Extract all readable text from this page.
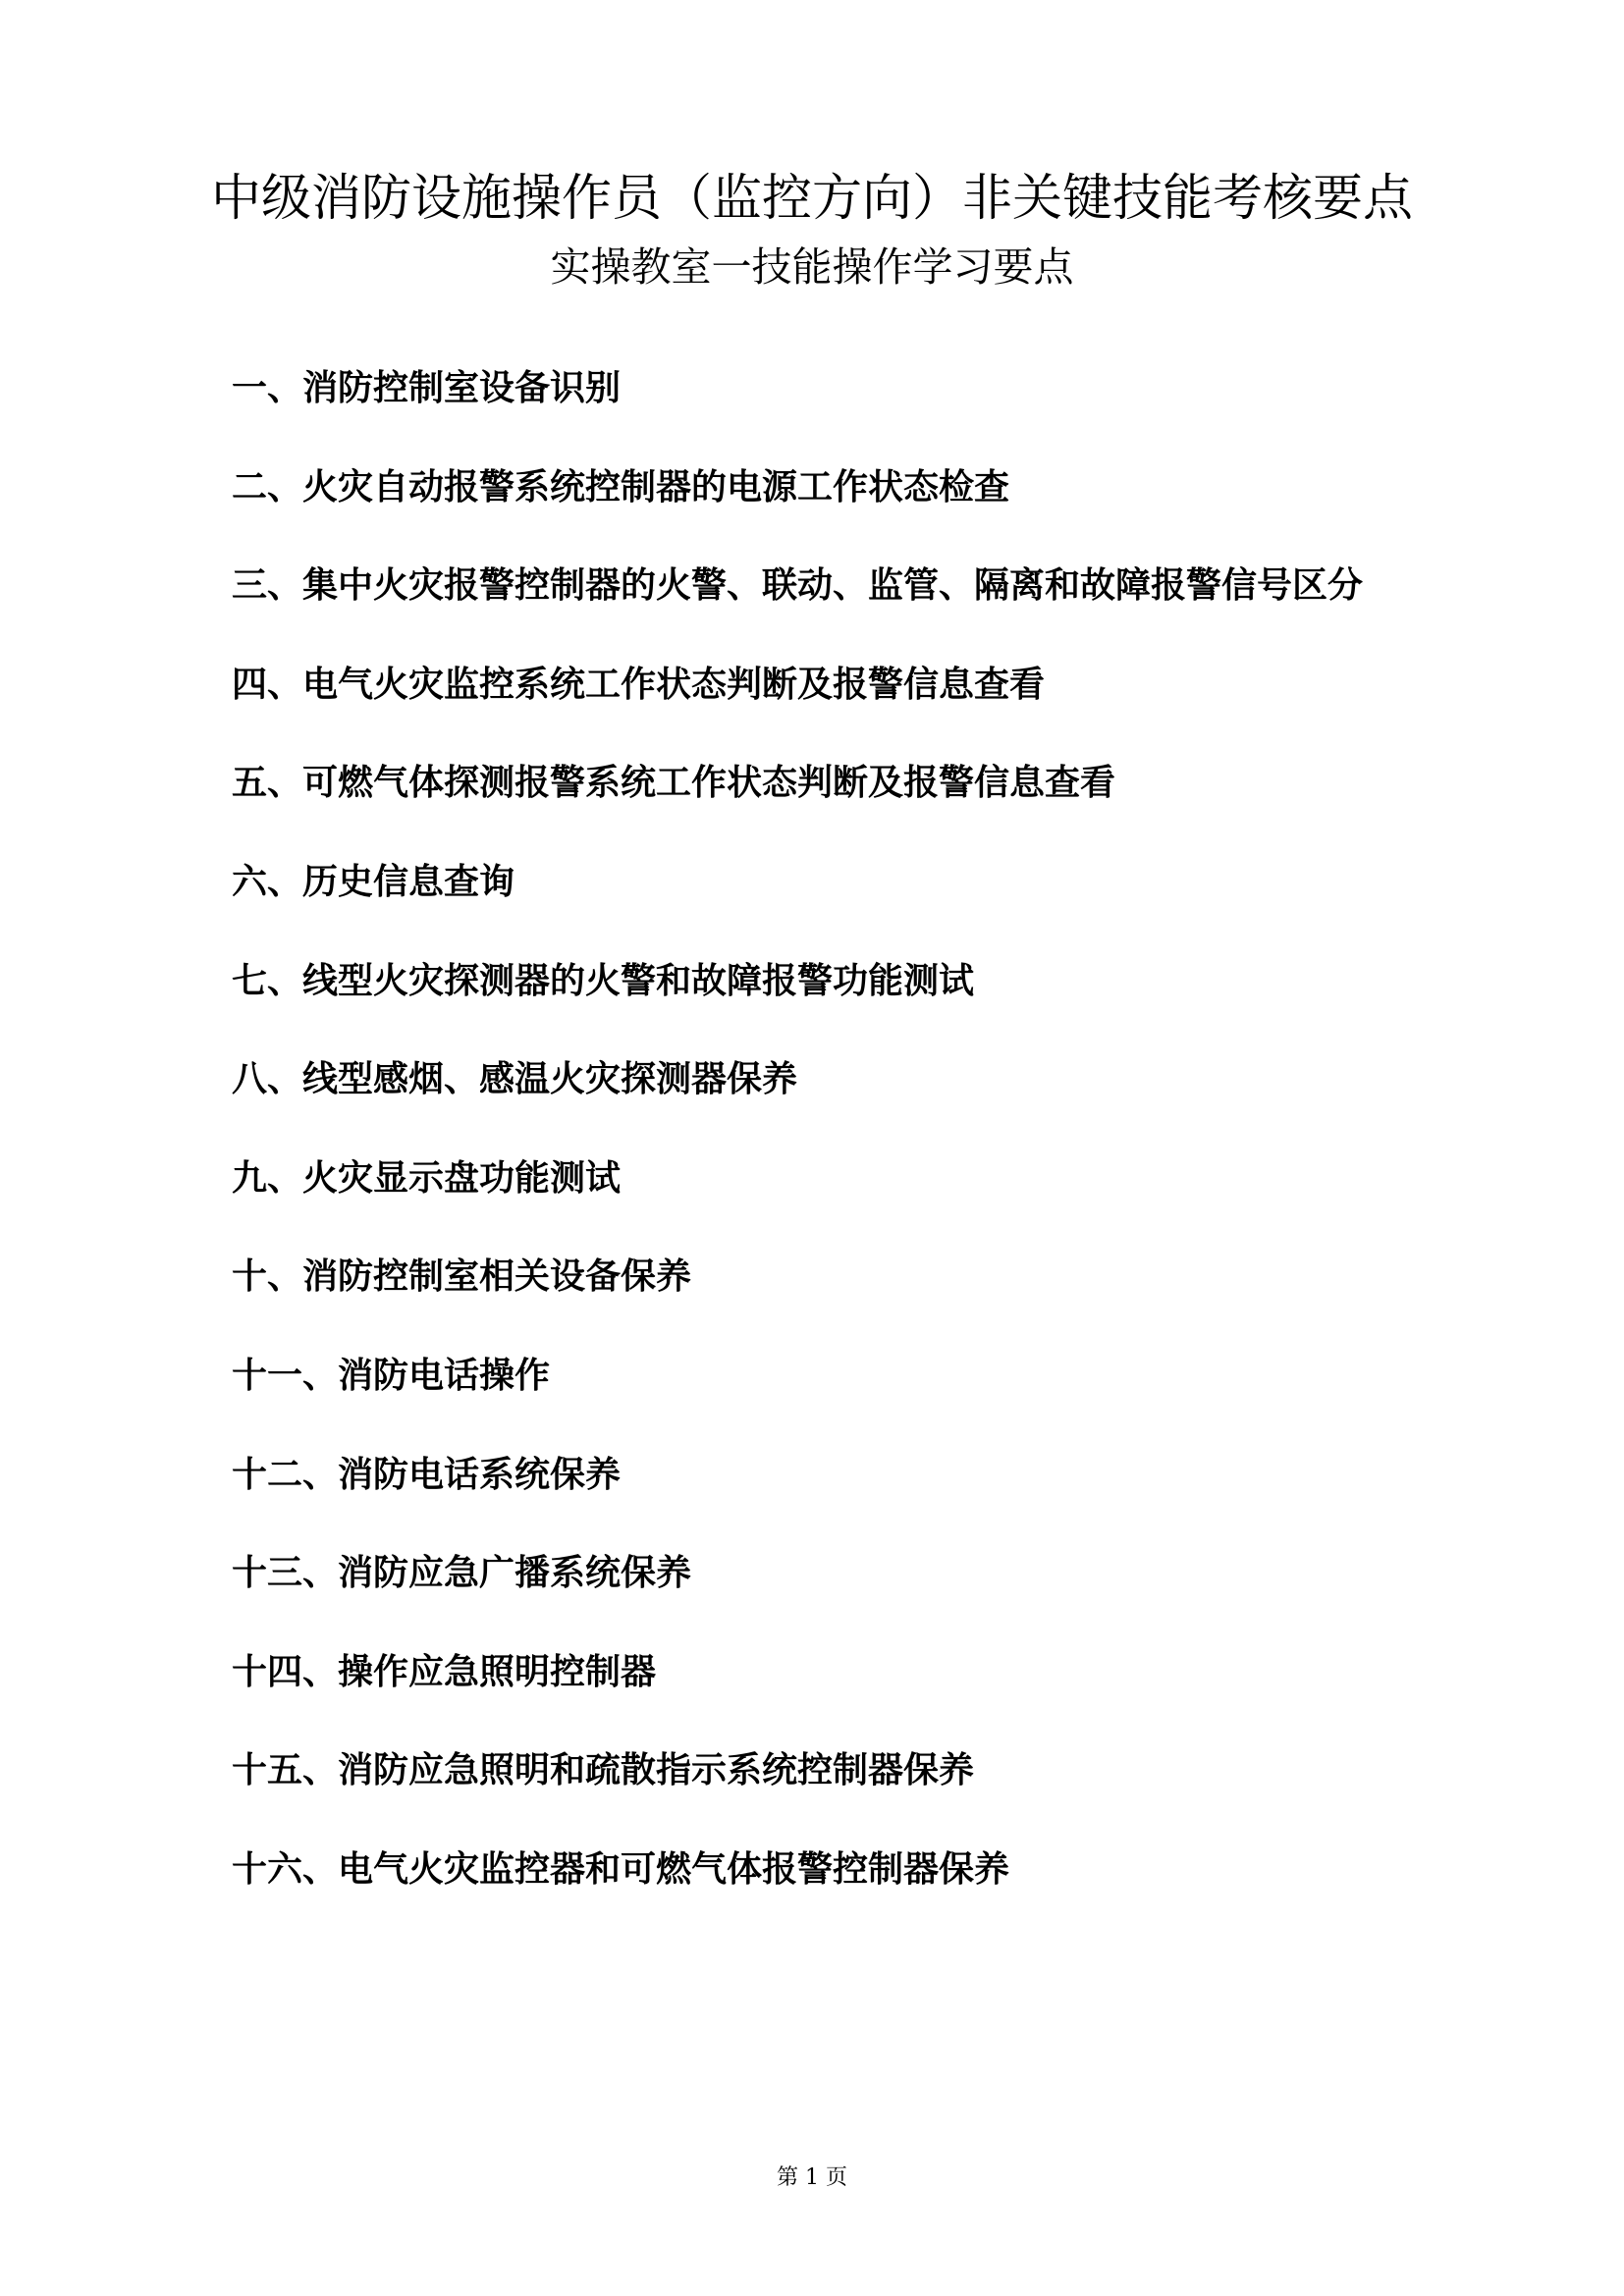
中级消防设施操作员（监控方向）非关键技能考核要点
实操教室一技能操作学习要点
一、消防控制室设备识别
二、火灾自动报警系统控制器的电源工作状态检查
三、集中火灾报警控制器的火警、联动、监管、隔离和故障报警信号区分
四、电气火灾监控系统工作状态判断及报警信息查看
五、可燃气体探测报警系统工作状态判断及报警信息查看
六、历史信息查询
七、线型火灾探测器的火警和故障报警功能测试
八、线型感烟、感温火灾探测器保养
九、火灾显示盘功能测试
十、消防控制室相关设备保养
十一、消防电话操作
十二、消防电话系统保养
十三、消防应急广播系统保养
十四、操作应急照明控制器
十五、消防应急照明和疏散指示系统控制器保养
十六、电气火灾监控器和可燃气体报警控制器保养
第 1 页
